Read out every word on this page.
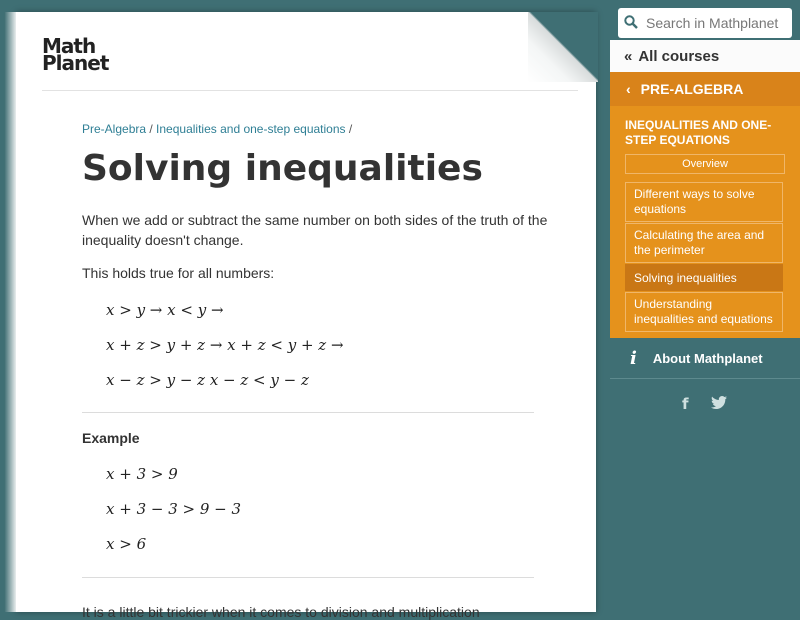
Math
Planet
Pre-Algebra / Inequalities and one-step equations /
Solving inequalities
When we add or subtract the same number on both sides of the truth of the inequality doesn't change.
This holds true for all numbers:
x > y → x < y →
x + z > y + z → x + z < y + z →
x − z > y − z x − z < y − z
Example
x + 3 > 9
x + 3 − 3 > 9 − 3
x > 6
It is a little bit trickier when it comes to division and multiplication
Search in Mathplanet
« All courses
‹ PRE-ALGEBRA
INEQUALITIES AND ONE-STEP EQUATIONS
Overview
Different ways to solve equations
Calculating the area and the perimeter
Solving inequalities
Understanding inequalities and equations
i About Mathplanet
f
